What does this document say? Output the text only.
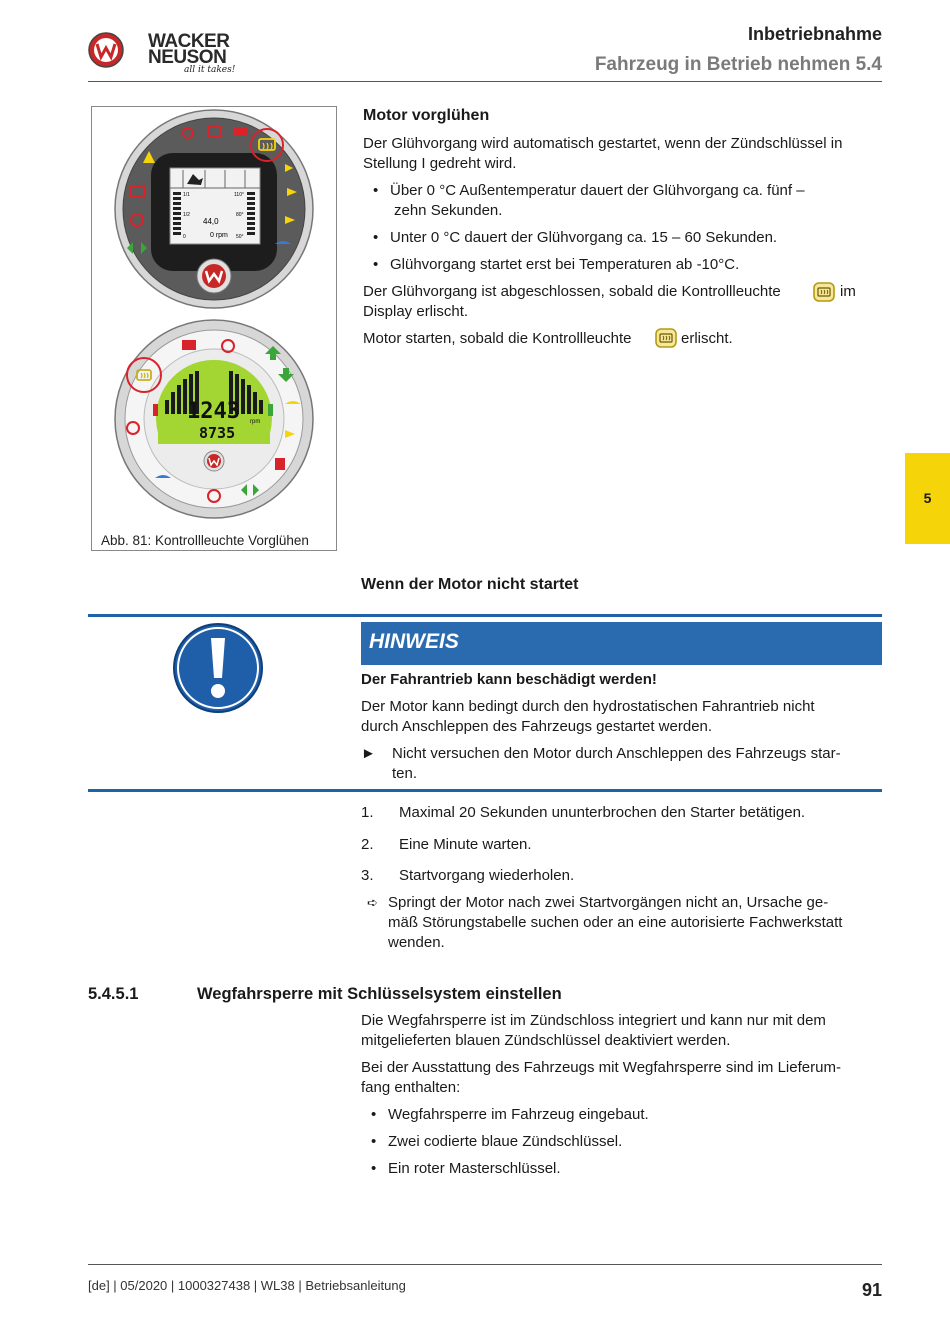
WACKER
NEUSON
all it takes!
Inbetriebnahme
Fahrzeug in Betrieb nehmen 5.4
5
1/1
1/2
0
110°
80°
50°
44,0
0 rpm
1243
8735
rpm
Abb. 81: Kontrollleuchte Vorglühen
Motor vorglühen
Der Glühvorgang wird automatisch gestartet, wenn der Zündschlüssel in
Stellung I gedreht wird.
• Über 0 °C Außentemperatur dauert der Glühvorgang ca. fünf –
zehn Sekunden.
• Unter 0 °C dauert der Glühvorgang ca. 15 – 60 Sekunden.
• Glühvorgang startet erst bei Temperaturen ab -10°C.
Der Glühvorgang ist abgeschlossen, sobald die Kontrollleuchte	im
Display erlischt.
Motor starten, sobald die Kontrollleuchte	erlischt.
Wenn der Motor nicht startet
HINWEIS
Der Fahrantrieb kann beschädigt werden!
Der Motor kann bedingt durch den hydrostatischen Fahrantrieb nicht
durch Anschleppen des Fahrzeugs gestartet werden.
► Nicht versuchen den Motor durch Anschleppen des Fahrzeugs star-
ten.
1. Maximal 20 Sekunden ununterbrochen den Starter betätigen.
2. Eine Minute warten.
3. Startvorgang wiederholen.
➪ Springt der Motor nach zwei Startvorgängen nicht an, Ursache ge-
mäß Störungstabelle suchen oder an eine autorisierte Fachwerkstatt
wenden.
5.4.5.1	Wegfahrsperre mit Schlüsselsystem einstellen
Die Wegfahrsperre ist im Zündschloss integriert und kann nur mit dem
mitgelieferten blauen Zündschlüssel deaktiviert werden.
Bei der Ausstattung des Fahrzeugs mit Wegfahrsperre sind im Lieferum-
fang enthalten:
• Wegfahrsperre im Fahrzeug eingebaut.
• Zwei codierte blaue Zündschlüssel.
• Ein roter Masterschlüssel.
[de] | 05/2020 | 1000327438 | WL38 | Betriebsanleitung	91
